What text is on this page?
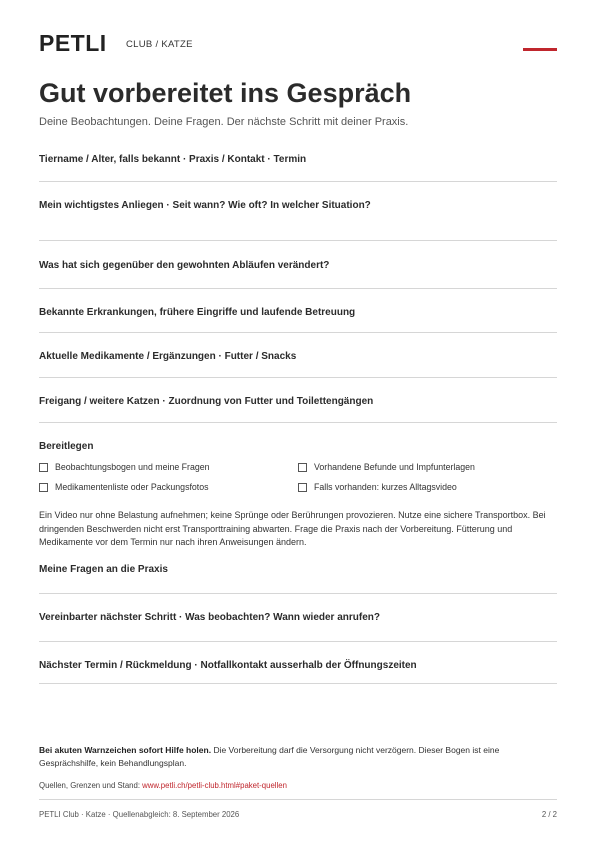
PETLI CLUB / KATZE
Gut vorbereitet ins Gespräch
Deine Beobachtungen. Deine Fragen. Der nächste Schritt mit deiner Praxis.
Tiername / Alter, falls bekannt · Praxis / Kontakt · Termin
Mein wichtigstes Anliegen · Seit wann? Wie oft? In welcher Situation?
Was hat sich gegenüber den gewohnten Abläufen verändert?
Bekannte Erkrankungen, frühere Eingriffe und laufende Betreuung
Aktuelle Medikamente / Ergänzungen · Futter / Snacks
Freigang / weitere Katzen · Zuordnung von Futter und Toilettengängen
Bereitlegen
Beobachtungsbogen und meine Fragen	Vorhandene Befunde und Impfunterlagen
Medikamentenliste oder Packungsfotos	Falls vorhanden: kurzes Alltagsvideo

Ein Video nur ohne Belastung aufnehmen; keine Sprünge oder Berührungen provozieren. Nutze eine sichere Transportbox. Bei dringenden Beschwerden nicht erst Transporttraining abwarten. Frage die Praxis nach der Vorbereitung. Fütterung und Medikamente vor dem Termin nur nach ihren Anweisungen ändern.

Meine Fragen an die Praxis
Vereinbarter nächster Schritt · Was beobachten? Wann wieder anrufen?
Nächster Termin / Rückmeldung · Notfallkontakt ausserhalb der Öffnungszeiten

Bei akuten Warnzeichen sofort Hilfe holen. Die Vorbereitung darf die Versorgung nicht verzögern. Dieser Bogen ist eine Gesprächshilfe, kein Behandlungsplan.

Quellen, Grenzen und Stand: www.petli.ch/petli-club.html#paket-quellen
PETLI Club · Katze · Quellenabgleich: 8. September 2026	2 / 2
